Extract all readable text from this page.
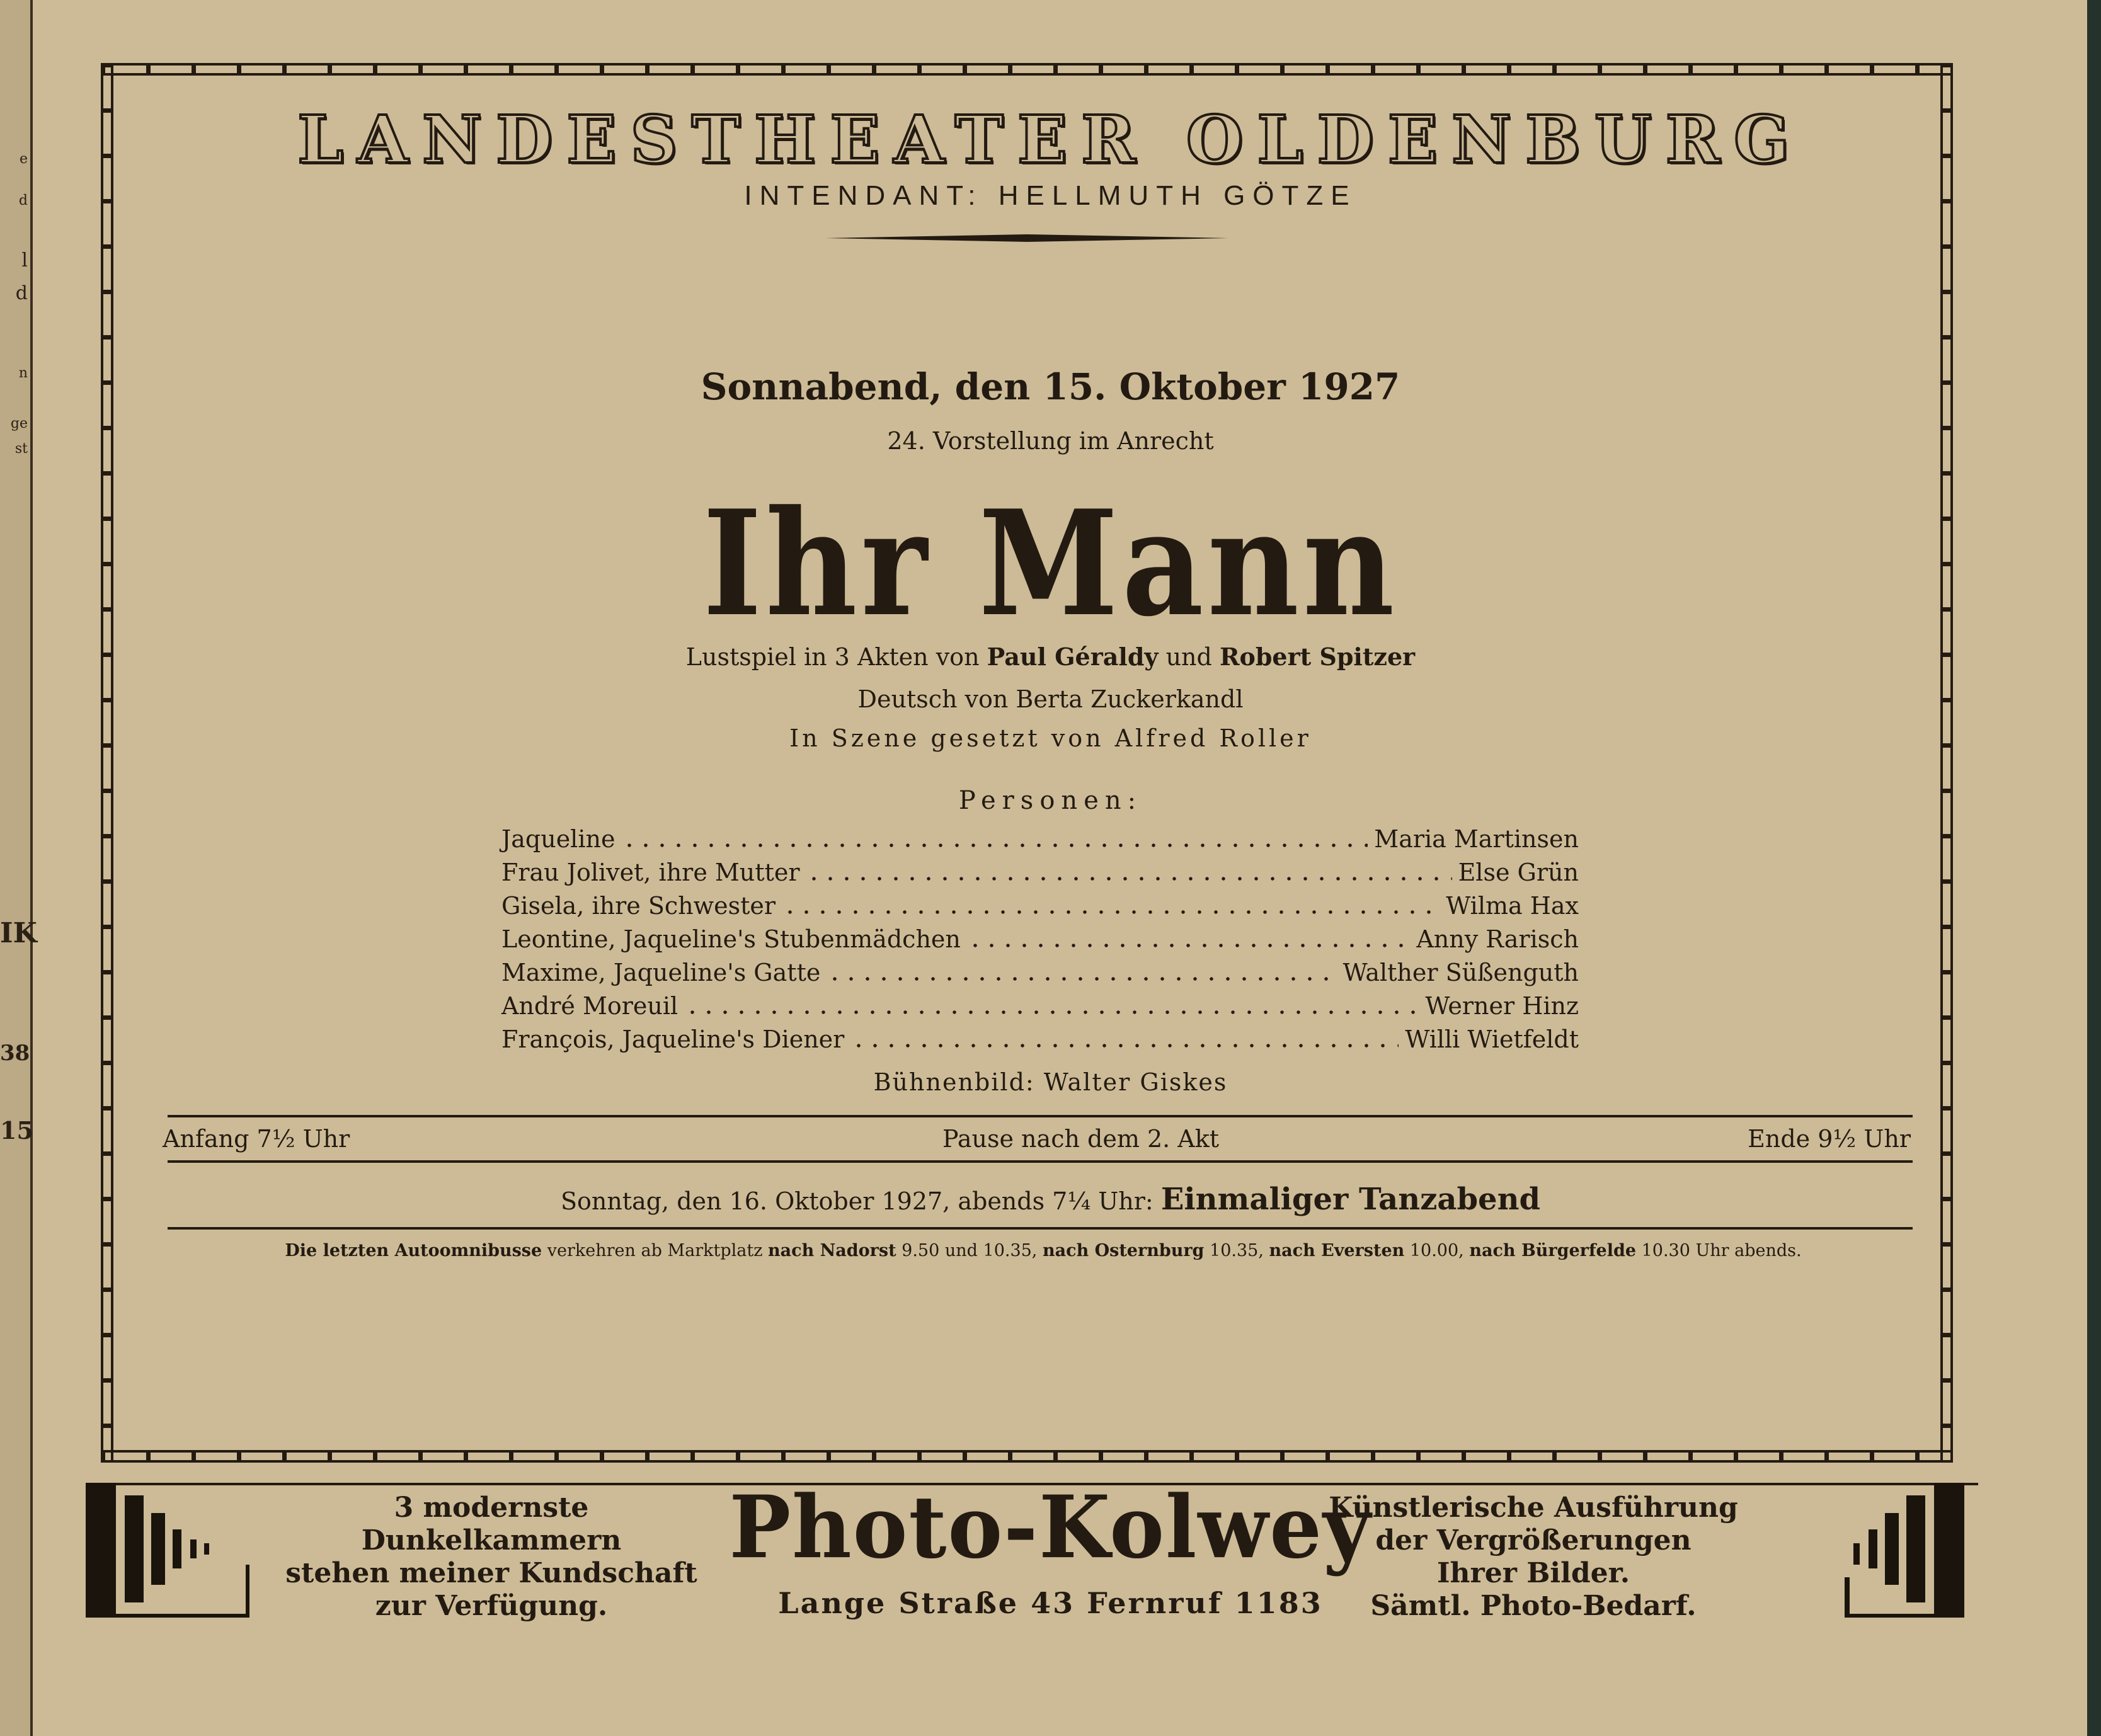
e
d
l
d
n
ge
st
IK
38
15
LANDESTHEATER OLDENBURG
INTENDANT: HELLMUTH GÖTZE
Sonnabend, den 15. Oktober 1927
24. Vorstellung im Anrecht
Ihr Mann
Lustspiel in 3 Akten von Paul Géraldy und Robert Spitzer
Deutsch von Berta Zuckerkandl
In Szene gesetzt von Alfred Roller
Personen:
Jaqueline	Maria Martinsen
Frau Jolivet, ihre Mutter	Else Grün
Gisela, ihre Schwester	Wilma Hax
Leontine, Jaqueline's Stubenmädchen	Anny Rarisch
Maxime, Jaqueline's Gatte	Walther Süßenguth
André Moreuil	Werner Hinz
François, Jaqueline's Diener	Willi Wietfeldt
Bühnenbild: Walter Giskes
Anfang 7½ Uhr	Pause nach dem 2. Akt	Ende 9½ Uhr
Sonntag, den 16. Oktober 1927, abends 7¼ Uhr: Einmaliger Tanzabend
Die letzten Autoomnibusse verkehren ab Marktplatz nach Nadorst 9.50 und 10.35, nach Osternburg 10.35, nach Eversten 10.00, nach Bürgerfelde 10.30 Uhr abends.
3 modernste
Dunkelkammern
stehen meiner Kundschaft
zur Verfügung.
Photo-Kolwey
Lange Straße 43 Fernruf 1183
Künstlerische Ausführung
der Vergrößerungen
Ihrer Bilder.
Sämtl. Photo-Bedarf.
